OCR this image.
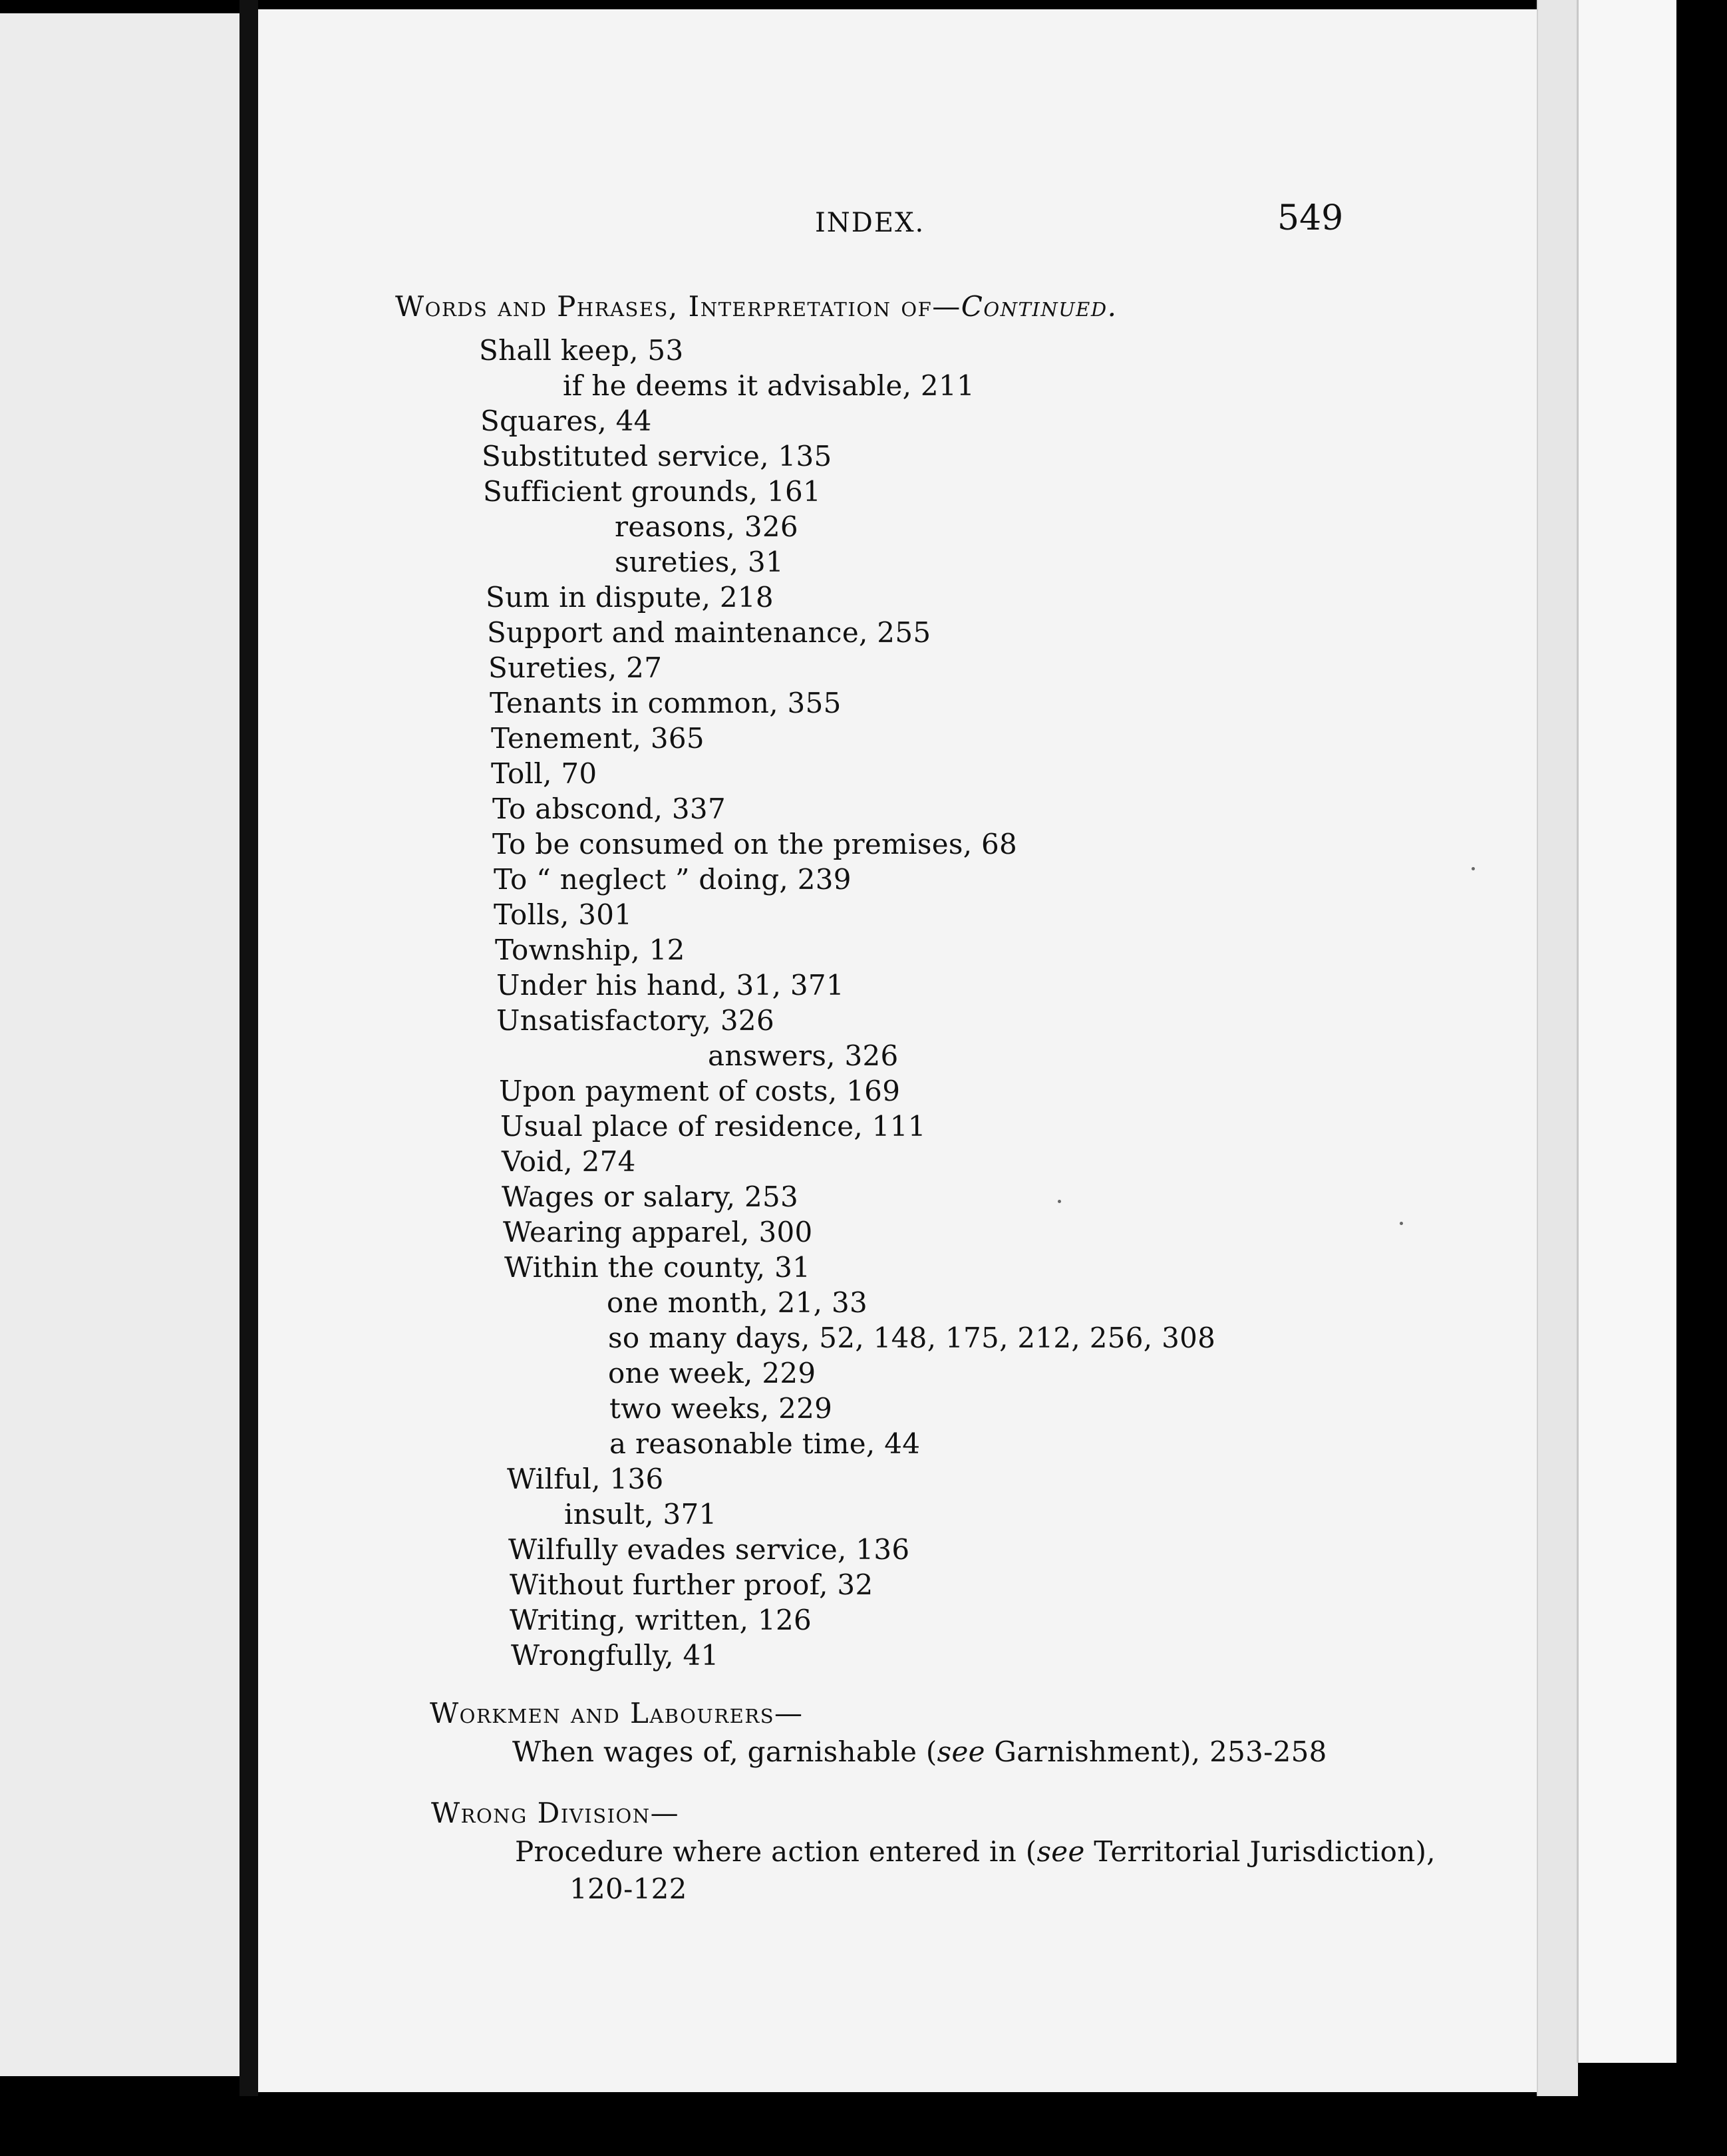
INDEX.	549
Words and Phrases, Interpretation of—Continued.
Shall keep, 53
if he deems it advisable, 211
Squares, 44
Substituted service, 135
Sufficient grounds, 161
reasons, 326
sureties, 31
Sum in dispute, 218
Support and maintenance, 255
Sureties, 27
Tenants in common, 355
Tenement, 365
Toll, 70
To abscond, 337
To be consumed on the premises, 68
To “ neglect ” doing, 239
Tolls, 301
Township, 12
Under his hand, 31, 371
Unsatisfactory, 326
answers, 326
Upon payment of costs, 169
Usual place of residence, 111
Void, 274
Wages or salary, 253
Wearing apparel, 300
Within the county, 31
one month, 21, 33
so many days, 52, 148, 175, 212, 256, 308
one week, 229
two weeks, 229
a reasonable time, 44
Wilful, 136
insult, 371
Wilfully evades service, 136
Without further proof, 32
Writing, written, 126
Wrongfully, 41
Workmen and Labourers—
When wages of, garnishable (see Garnishment), 253-258
Wrong Division—
Procedure where action entered in (see Territorial Jurisdiction),
120-122
